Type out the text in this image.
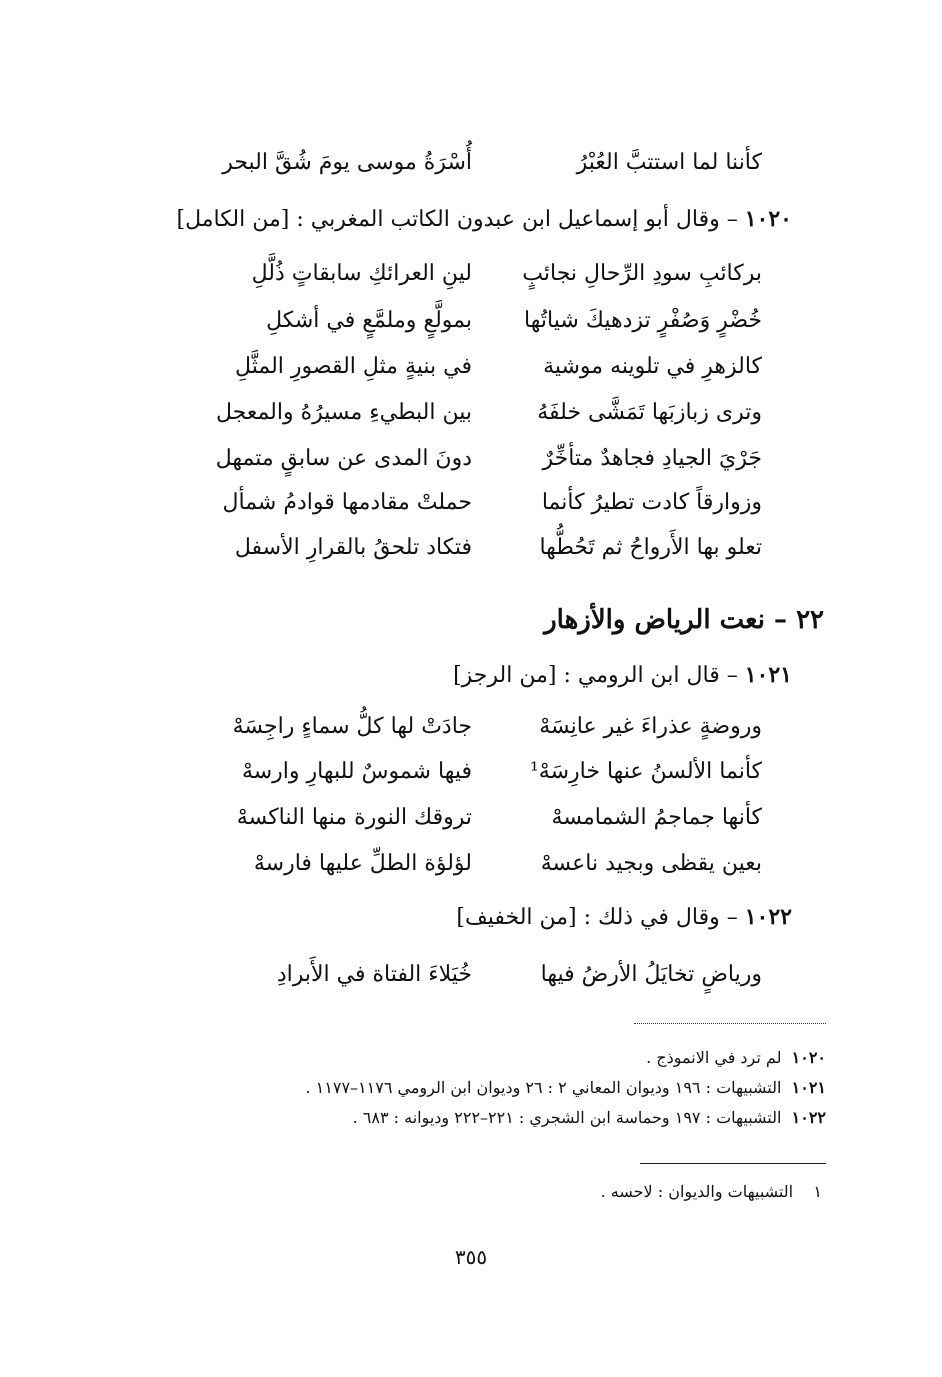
كأننا لما استتبَّ العُبْرُ
أُسْرَةُ موسى يومَ شُقَّ البحر
١٠٢٠ – وقال أبو إسماعيل ابن عبدون الكاتب المغربي : [من الكامل]
بركائبِ سودِ الرِّحالِ نجائبٍ
لينِ العرائكِ سابقاتٍ ذُلَّلِ
خُضْرٍ وَصُفْرٍ تزدهيكَ شياتُها
بمولَّعٍ وملمَّعٍ في أشكلِ
كالزهرِ في تلوينه موشية
في بنيةٍ مثلِ القصورِ المثَّلِ
وترى زبازبَها تَمَشَّى خلفَهُ
بين البطيءِ مسيرُهُ والمعجل
جَرْيَ الجيادِ فجاهدٌ متأخِّرٌ
دونَ المدى عن سابقٍ متمهل
وزوارقاً كادت تطيرُ كأنما
حملتْ مقادمها قوادمُ شمأل
تعلو بها الأَرواحُ ثم تَحُطُّها
فتكاد تلحقُ بالقرارِ الأسفل
٢٢ – نعت الرياض والأزهار
١٠٢١ – قال ابن الرومي : [من الرجز]
وروضةٍ عذراءَ غير عانِسَهْ
جادَتْ لها كلُّ سماءٍ راجِسَهْ
كأنما الألسنُ عنها خارِسَهْ¹
فيها شموسٌ للبهارِ وارسهْ
كأنها جماجمُ الشمامسهْ
تروقك النورة منها الناكسهْ
بعين يقظى وبجيد ناعسهْ
لؤلؤة الطلِّ عليها فارسهْ
١٠٢٢ – وقال في ذلك : [من الخفيف]
ورياضٍ تخايَلُ الأرضُ فيها
خُيَلاءَ الفتاة في الأَبرادِ
١٠٢٠  لم ترد في الانموذج .
١٠٢١  التشبيهات : ١٩٦ وديوان المعاني ٢ : ٢٦ وديوان ابن الرومي ١١٧٦–١١٧٧ .
١٠٢٢  التشبيهات : ١٩٧ وحماسة ابن الشجري : ٢٢١–٢٢٢ وديوانه : ٦٨٣ .
١    التشبيهات والديوان : لاحسه .
٣٥٥
